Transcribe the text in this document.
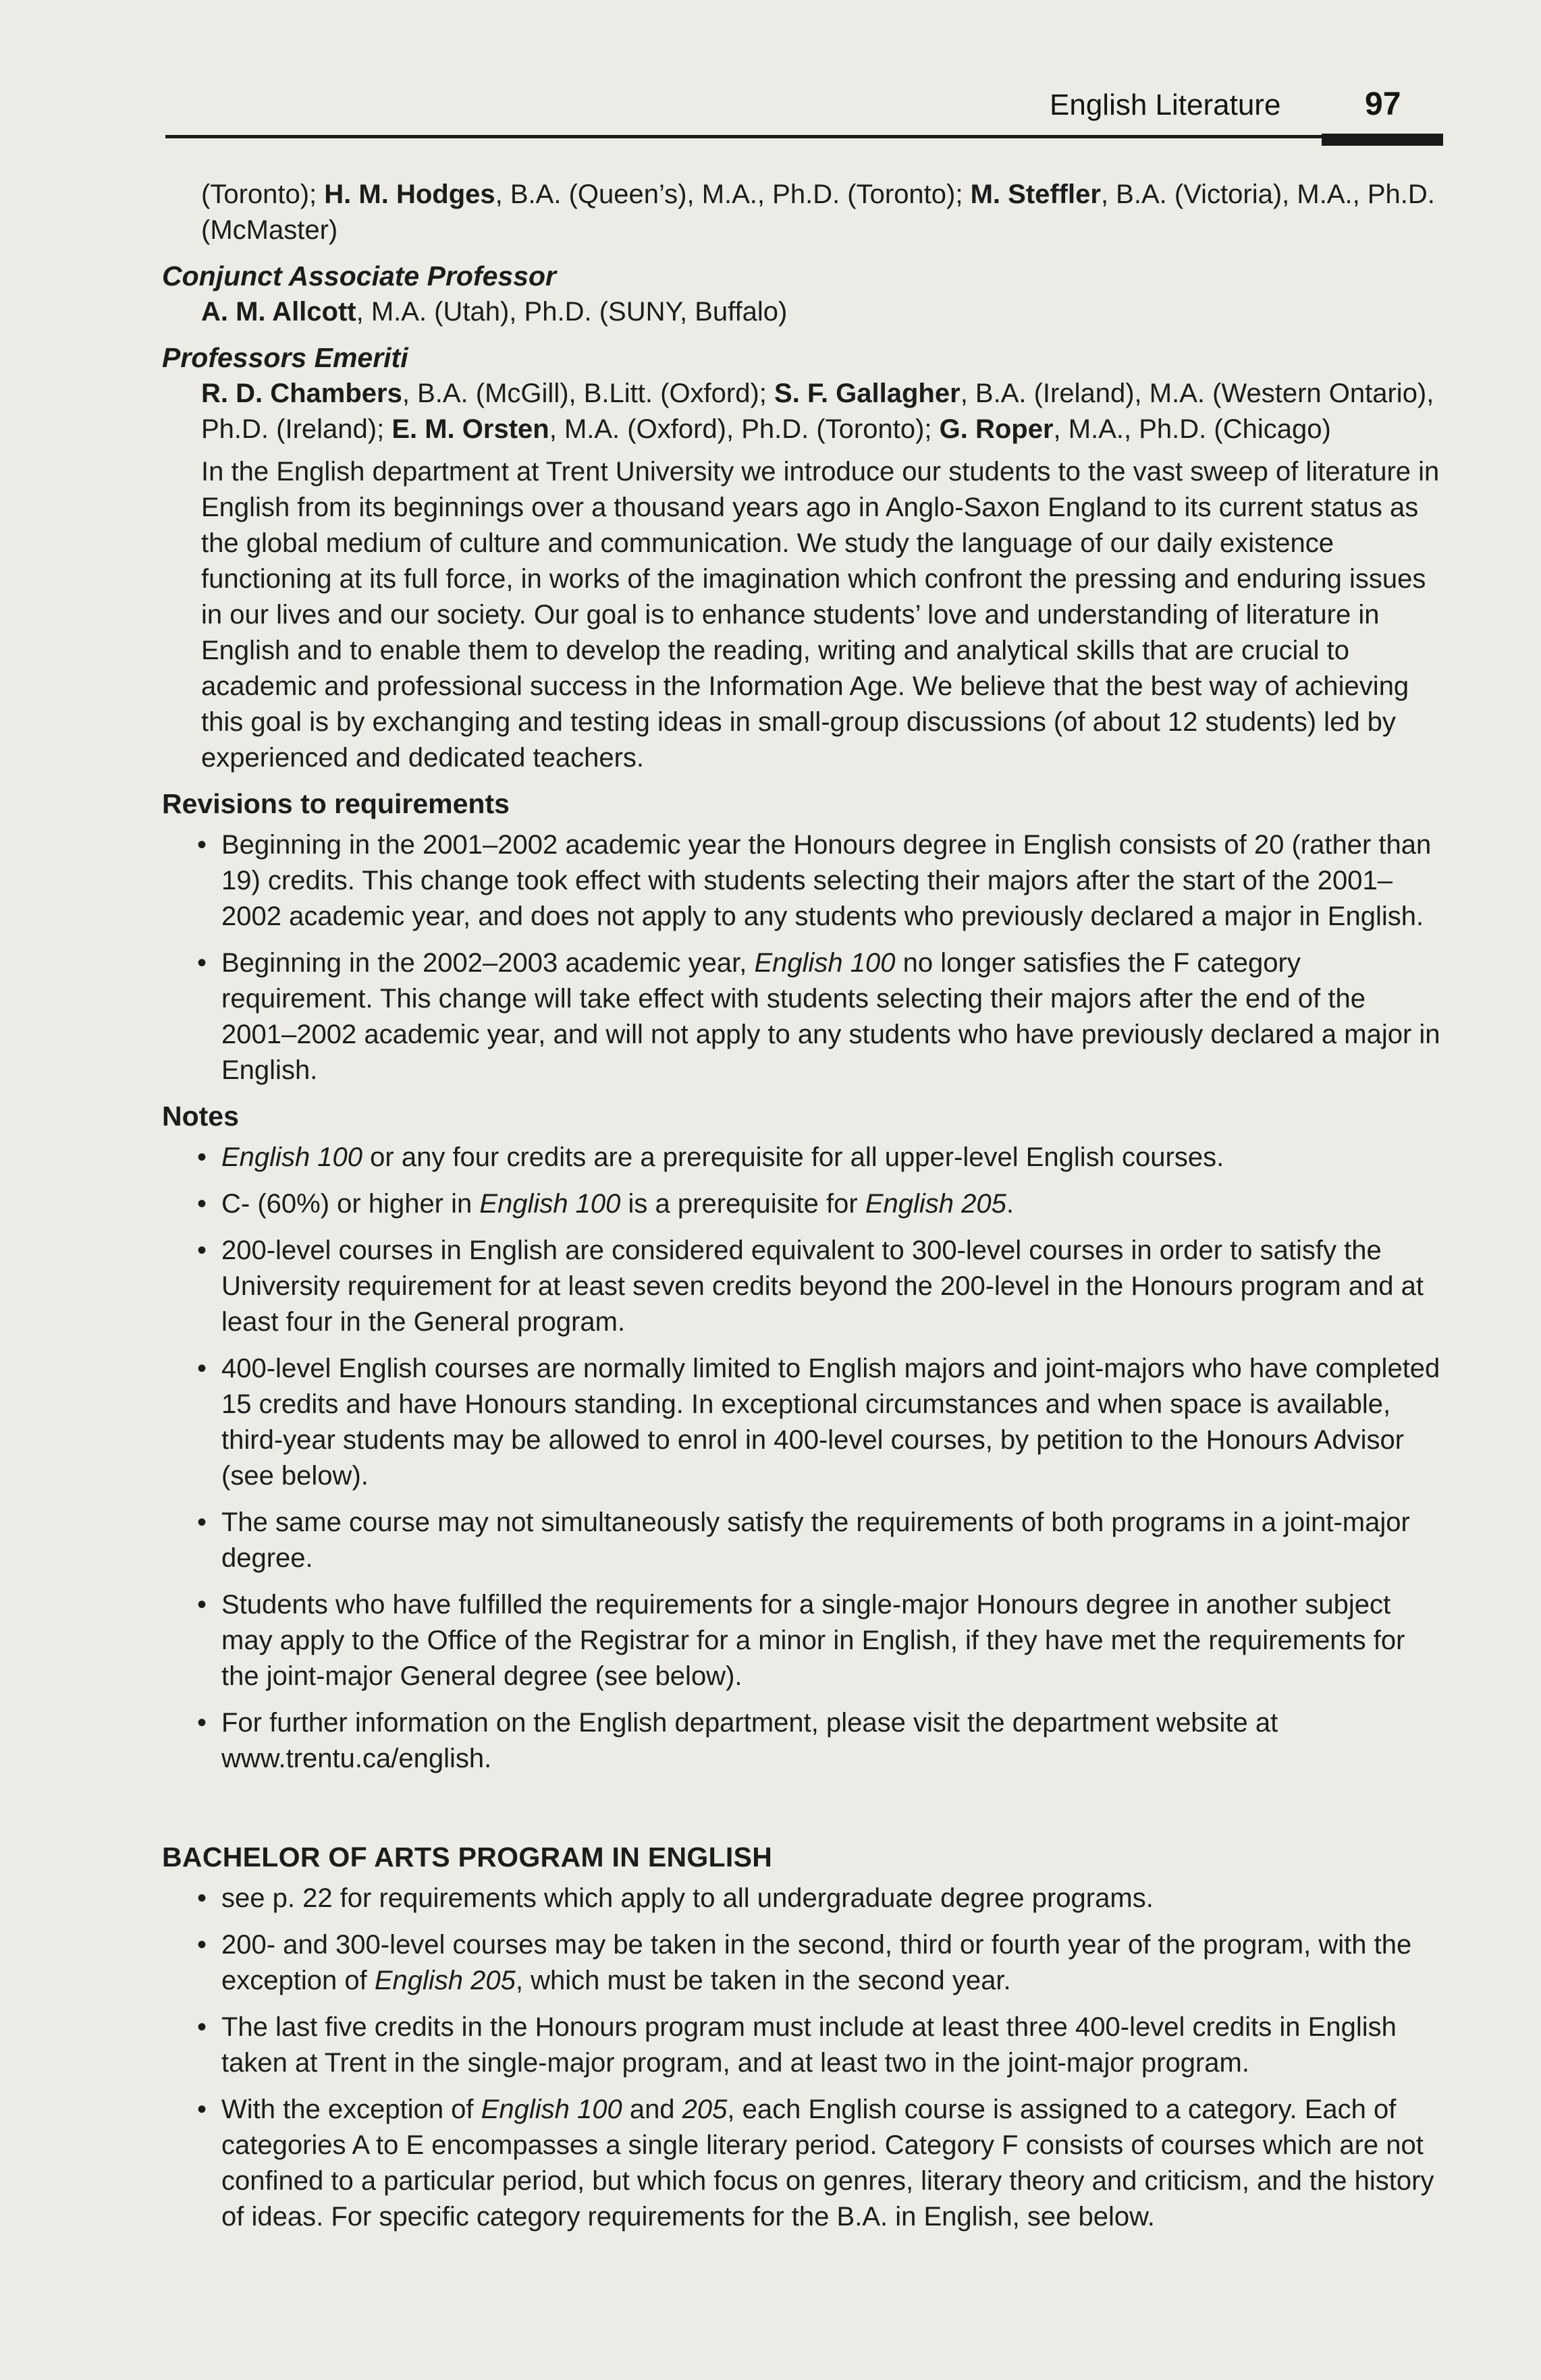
English Literature	97

(Toronto); H. M. Hodges, B.A. (Queen’s), M.A., Ph.D. (Toronto); M. Steffler, B.A. (Victoria), M.A., Ph.D. (McMaster)

Conjunct Associate Professor

A. M. Allcott, M.A. (Utah), Ph.D. (SUNY, Buffalo)

Professors Emeriti

R. D. Chambers, B.A. (McGill), B.Litt. (Oxford); S. F. Gallagher, B.A. (Ireland), M.A. (Western Ontario), Ph.D. (Ireland); E. M. Orsten, M.A. (Oxford), Ph.D. (Toronto); G. Roper, M.A., Ph.D. (Chicago)

In the English department at Trent University we introduce our students to the vast sweep of literature in English from its beginnings over a thousand years ago in Anglo-Saxon England to its current status as the global medium of culture and communication. We study the language of our daily existence functioning at its full force, in works of the imagination which confront the pressing and enduring issues in our lives and our society. Our goal is to enhance students’ love and understanding of literature in English and to enable them to develop the reading, writing and analytical skills that are crucial to academic and professional success in the Information Age. We believe that the best way of achieving this goal is by exchanging and testing ideas in small-group discussions (of about 12 students) led by experienced and dedicated teachers.

Revisions to requirements

• Beginning in the 2001–2002 academic year the Honours degree in English consists of 20 (rather than 19) credits. This change took effect with students selecting their majors after the start of the 2001–2002 academic year, and does not apply to any students who previously declared a major in English.
• Beginning in the 2002–2003 academic year, English 100 no longer satisfies the F category requirement. This change will take effect with students selecting their majors after the end of the 2001–2002 academic year, and will not apply to any students who have previously declared a major in English.

Notes

• English 100 or any four credits are a prerequisite for all upper-level English courses.
• C- (60%) or higher in English 100 is a prerequisite for English 205.
• 200-level courses in English are considered equivalent to 300-level courses in order to satisfy the University requirement for at least seven credits beyond the 200-level in the Honours program and at least four in the General program.
• 400-level English courses are normally limited to English majors and joint-majors who have completed 15 credits and have Honours standing. In exceptional circumstances and when space is available, third-year students may be allowed to enrol in 400-level courses, by petition to the Honours Advisor (see below).
• The same course may not simultaneously satisfy the requirements of both programs in a joint-major degree.
• Students who have fulfilled the requirements for a single-major Honours degree in another subject may apply to the Office of the Registrar for a minor in English, if they have met the requirements for the joint-major General degree (see below).
• For further information on the English department, please visit the department website at www.trentu.ca/english.

BACHELOR OF ARTS PROGRAM IN ENGLISH

• see p. 22 for requirements which apply to all undergraduate degree programs.
• 200- and 300-level courses may be taken in the second, third or fourth year of the program, with the exception of English 205, which must be taken in the second year.
• The last five credits in the Honours program must include at least three 400-level credits in English taken at Trent in the single-major program, and at least two in the joint-major program.
• With the exception of English 100 and 205, each English course is assigned to a category. Each of categories A to E encompasses a single literary period. Category F consists of courses which are not confined to a particular period, but which focus on genres, literary theory and criticism, and the history of ideas. For specific category requirements for the B.A. in English, see below.
